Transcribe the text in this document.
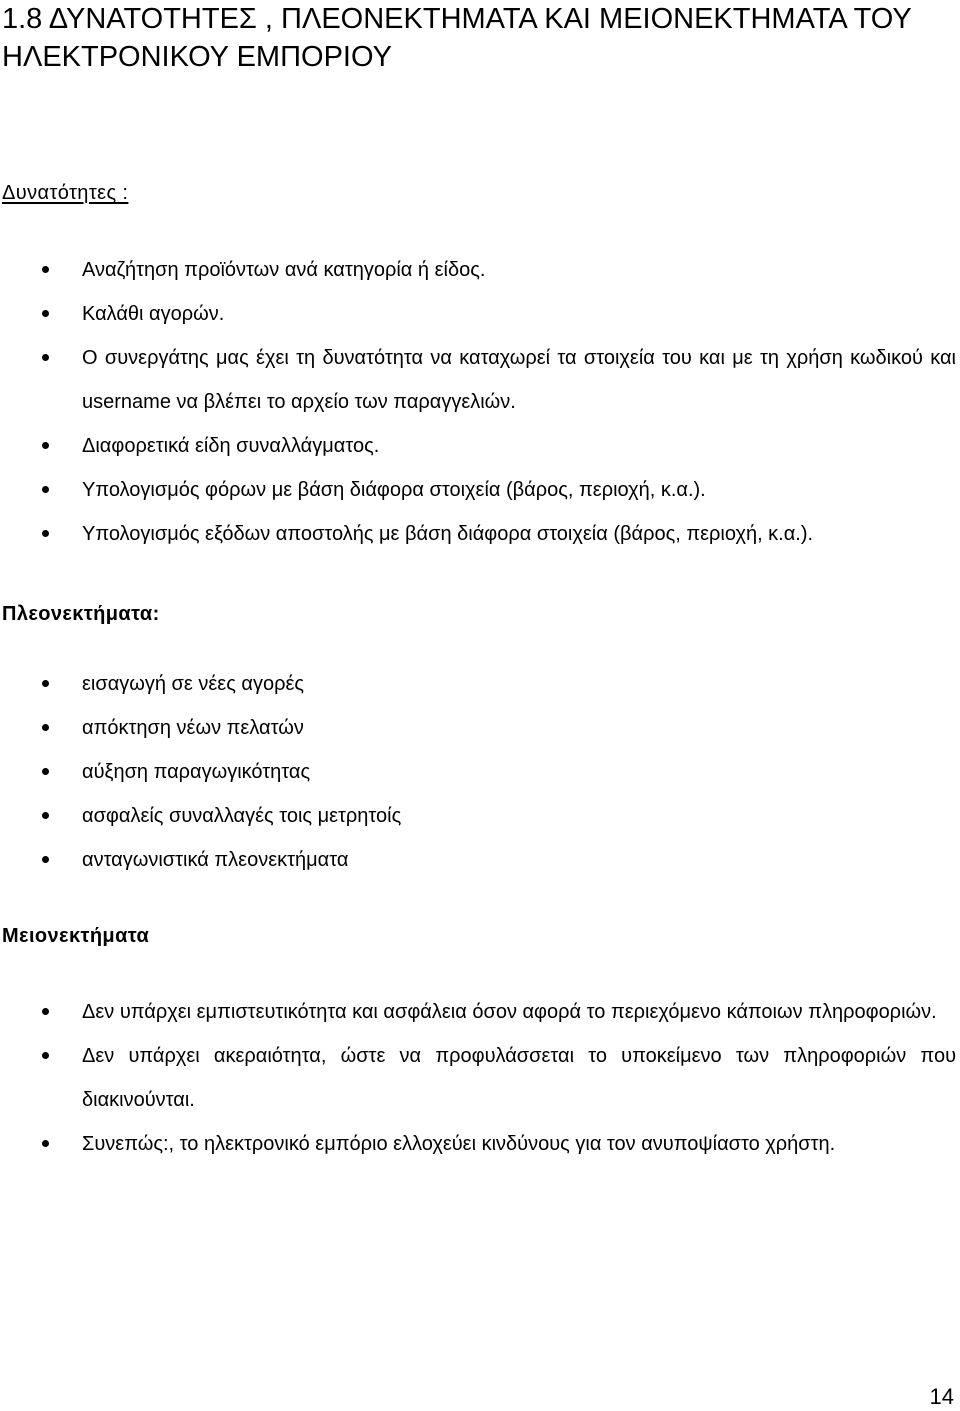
1.8 ΔΥΝΑΤΟΤΗΤΕΣ , ΠΛΕΟΝΕΚΤΗΜΑΤΑ ΚΑΙ ΜΕΙΟΝΕΚΤΗΜΑΤΑ ΤΟΥ ΗΛΕΚΤΡΟΝΙΚΟΥ ΕΜΠΟΡΙΟΥ
Δυνατότητες :
Αναζήτηση προϊόντων ανά κατηγορία ή είδος.
Καλάθι αγορών.
Ο συνεργάτης μας έχει τη δυνατότητα να καταχωρεί τα στοιχεία του και με τη χρήση κωδικού και username να βλέπει το αρχείο των παραγγελιών.
Διαφορετικά είδη συναλλάγματος.
Υπολογισμός φόρων με βάση διάφορα στοιχεία (βάρος, περιοχή, κ.α.).
Υπολογισμός εξόδων αποστολής με βάση διάφορα στοιχεία (βάρος, περιοχή, κ.α.).
Πλεονεκτήματα:
εισαγωγή σε νέες αγορές
απόκτηση νέων πελατών
αύξηση παραγωγικότητας
ασφαλείς συναλλαγές τοις μετρητοίς
ανταγωνιστικά πλεονεκτήματα
Μειονεκτήματα
Δεν υπάρχει εμπιστευτικότητα και ασφάλεια όσον αφορά το περιεχόμενο κάποιων πληροφοριών.
Δεν υπάρχει ακεραιότητα, ώστε να προφυλάσσεται το υποκείμενο των πληροφοριών που διακινούνται.
Συνεπώς:, το ηλεκτρονικό εμπόριο ελλοχεύει κινδύνους για τον ανυποψίαστο χρήστη.
14
